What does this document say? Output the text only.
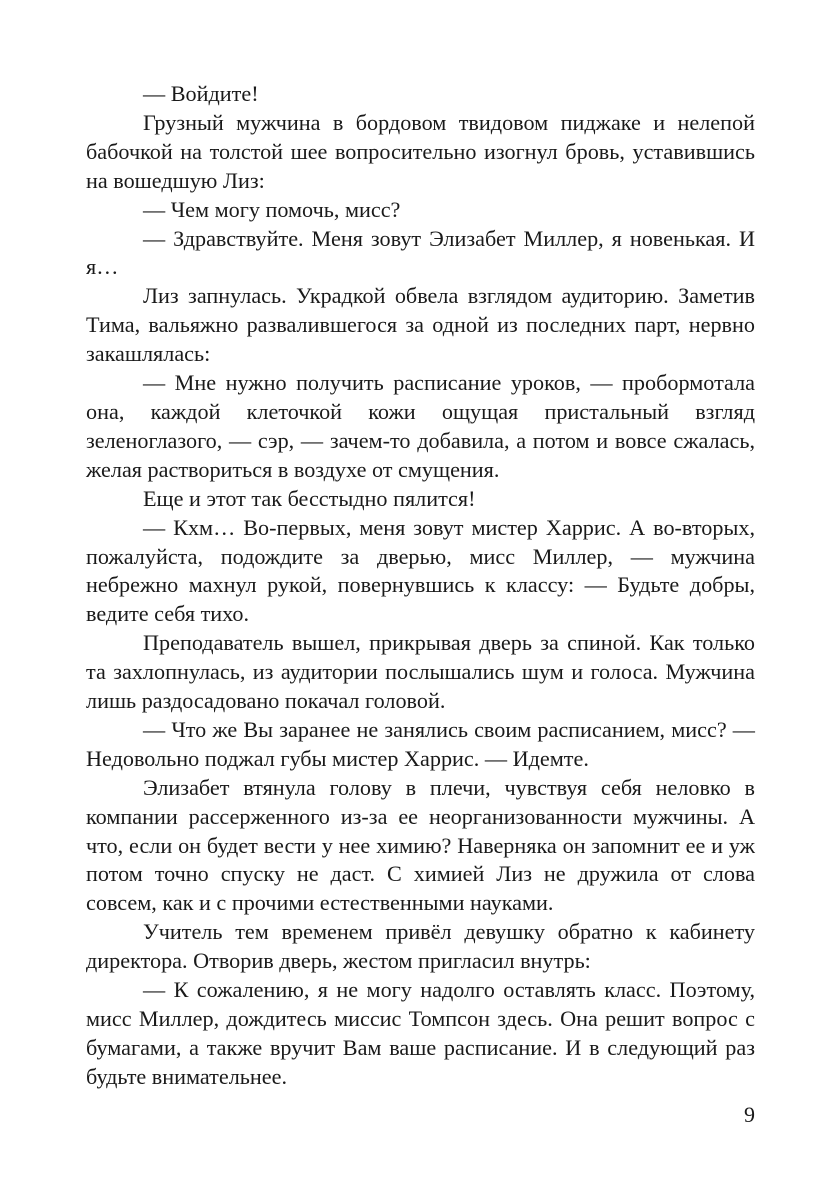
— Войдите!

Грузный мужчина в бордовом твидовом пиджаке и нелепой бабочкой на толстой шее вопросительно изогнул бровь, уставившись на вошедшую Лиз:

— Чем могу помочь, мисс?

— Здравствуйте. Меня зовут Элизабет Миллер, я новенькая. И я…

Лиз запнулась. Украдкой обвела взглядом аудиторию. Заметив Тима, вальяжно развалившегося за одной из последних парт, нервно закашлялась:

— Мне нужно получить расписание уроков, — пробормотала она, каждой клеточкой кожи ощущая пристальный взгляд зеленоглазого, — сэр, — зачем-то добавила, а потом и вовсе сжалась, желая раствориться в воздухе от смущения.

Еще и этот так бесстыдно пялится!

— Кхм… Во-первых, меня зовут мистер Харрис. А во-вторых, пожалуйста, подождите за дверью, мисс Миллер, — мужчина небрежно махнул рукой, повернувшись к классу: — Будьте добры, ведите себя тихо.

Преподаватель вышел, прикрывая дверь за спиной. Как только та захлопнулась, из аудитории послышались шум и голоса. Мужчина лишь раздосадовано покачал головой.

— Что же Вы заранее не занялись своим расписанием, мисс? — Недовольно поджал губы мистер Харрис. — Идемте.

Элизабет втянула голову в плечи, чувствуя себя неловко в компании рассерженного из-за ее неорганизованности мужчины. А что, если он будет вести у нее химию? Наверняка он запомнит ее и уж потом точно спуску не даст. С химией Лиз не дружила от слова совсем, как и с прочими естественными науками.

Учитель тем временем привёл девушку обратно к кабинету директора. Отворив дверь, жестом пригласил внутрь:

— К сожалению, я не могу надолго оставлять класс. Поэтому, мисс Миллер, дождитесь миссис Томпсон здесь. Она решит вопрос с бумагами, а также вручит Вам ваше расписание. И в следующий раз будьте внимательнее.

9
